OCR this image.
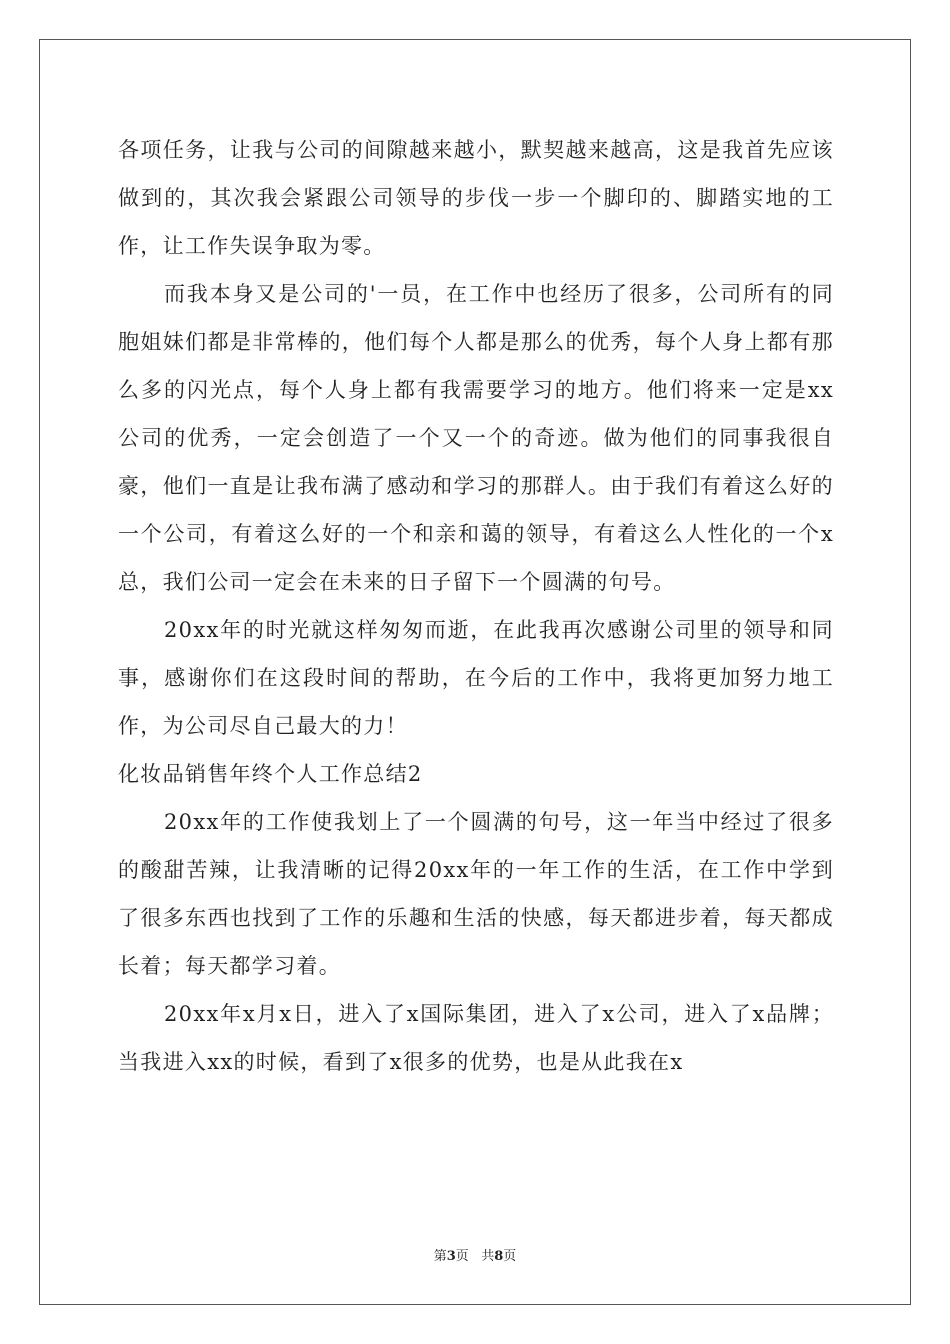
各项任务，让我与公司的间隙越来越小，默契越来越高，这是我首先应该做到的，其次我会紧跟公司领导的步伐一步一个脚印的、脚踏实地的工作，让工作失误争取为零。

而我本身又是公司的'一员，在工作中也经历了很多，公司所有的同胞姐妹们都是非常棒的，他们每个人都是那么的优秀，每个人身上都有那么多的闪光点，每个人身上都有我需要学习的地方。他们将来一定是xx公司的优秀，一定会创造了一个又一个的奇迹。做为他们的同事我很自豪，他们一直是让我布满了感动和学习的那群人。由于我们有着这么好的一个公司，有着这么好的一个和亲和蔼的领导，有着这么人性化的一个x总，我们公司一定会在未来的日子留下一个圆满的句号。

20xx年的时光就这样匆匆而逝，在此我再次感谢公司里的领导和同事，感谢你们在这段时间的帮助，在今后的工作中，我将更加努力地工作，为公司尽自己最大的力！

化妆品销售年终个人工作总结2

20xx年的工作使我划上了一个圆满的句号，这一年当中经过了很多的酸甜苦辣，让我清晰的记得20xx年的一年工作的生活，在工作中学到了很多东西也找到了工作的乐趣和生活的快感，每天都进步着，每天都成长着；每天都学习着。

20xx年x月x日，进入了x国际集团，进入了x公司，进入了x品牌；当我进入xx的时候，看到了x很多的优势，也是从此我在x

第3页 共8页
